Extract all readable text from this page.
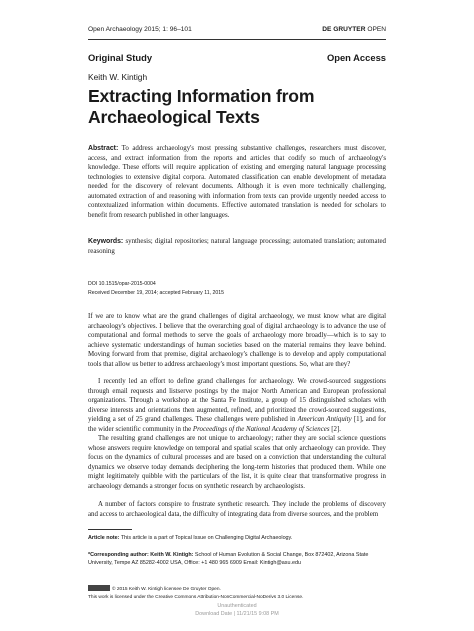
Open Archaeology 2015; 1: 96–101	DE GRUYTER OPEN
Original Study	Open Access
Keith W. Kintigh
Extracting Information from Archaeological Texts
Abstract: To address archaeology's most pressing substantive challenges, researchers must discover, access, and extract information from the reports and articles that codify so much of archaeology's knowledge. These efforts will require application of existing and emerging natural language processing technologies to extensive digital corpora. Automated classification can enable development of metadata needed for the discovery of relevant documents. Although it is even more technically challenging, automated extraction of and reasoning with information from texts can provide urgently needed access to contextualized information within documents. Effective automated translation is needed for scholars to benefit from research published in other languages.
Keywords: synthesis; digital repositories; natural language processing; automated translation; automated reasoning
DOI 10.1515/opar-2015-0004
Received December 19, 2014; accepted February 11, 2015
If we are to know what are the grand challenges of digital archaeology, we must know what are digital archaeology's objectives. I believe that the overarching goal of digital archaeology is to advance the use of computational and formal methods to serve the goals of archaeology more broadly—which is to say to achieve systematic understandings of human societies based on the material remains they leave behind. Moving forward from that premise, digital archaeology's challenge is to develop and apply computational tools that allow us better to address archaeology's most important questions. So, what are they?
I recently led an effort to define grand challenges for archaeology. We crowd-sourced suggestions through email requests and listserve postings by the major North American and European professional organizations. Through a workshop at the Santa Fe Institute, a group of 15 distinguished scholars with diverse interests and orientations then augmented, refined, and prioritized the crowd-sourced suggestions, yielding a set of 25 grand challenges. These challenges were published in American Antiquity [1], and for the wider scientific community in the Proceedings of the National Academy of Sciences [2].
The resulting grand challenges are not unique to archaeology; rather they are social science questions whose answers require knowledge on temporal and spatial scales that only archaeology can provide. They focus on the dynamics of cultural processes and are based on a conviction that understanding the cultural dynamics we observe today demands deciphering the long-term histories that produced them. While one might legitimately quibble with the particulars of the list, it is quite clear that transformative progress in archaeology demands a stronger focus on synthetic research by archaeologists.
A number of factors conspire to frustrate synthetic research. They include the problems of discovery and access to archaeological data, the difficulty of integrating data from diverse sources, and the problem
Article note: This article is a part of Topical Issue on Challenging Digital Archaeology.
*Corresponding author: Keith W. Kintigh: School of Human Evolution & Social Change, Box 872402, Arizona State University, Tempe AZ 85282-4002 USA, Office: +1 480 965 6909 Email: Kintigh@asu.edu
© 2015 Keith W. Kintigh licensee De Gruyter Open.
This work is licensed under the Creative Commons Attribution-NonCommercial-NoDerivs 3.0 License.
Unauthenticated
Download Date | 11/21/15 9:08 PM
